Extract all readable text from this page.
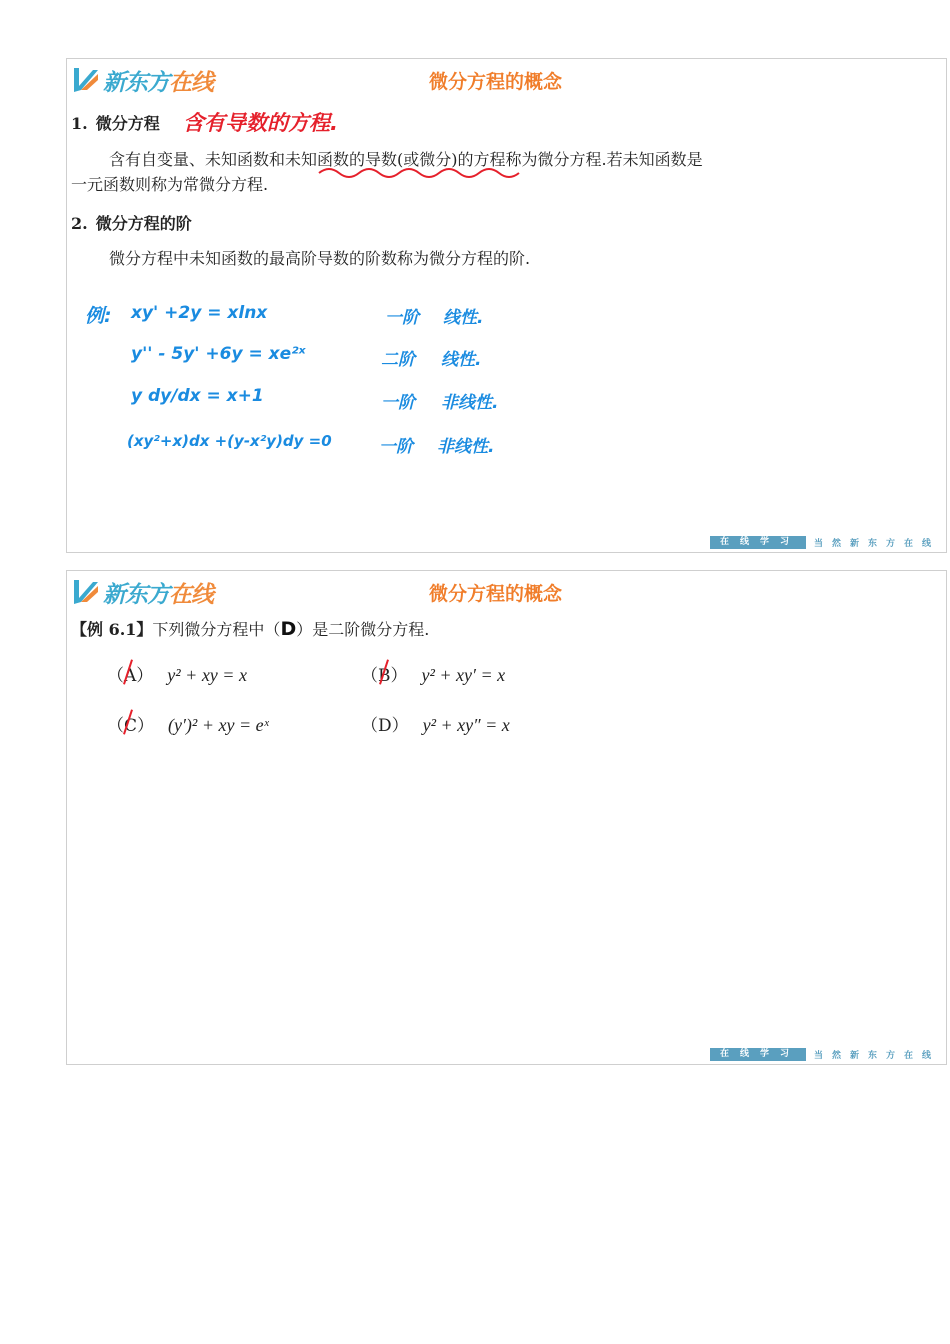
新东方在线	微分方程的概念
1. 微分方程 含有导数的方程.
含有自变量、未知函数和未知函数的导数(或微分)的方程称为微分方程.若未知函数是
一元函数则称为常微分方程.
2. 微分方程的阶
微分方程中未知函数的最高阶导数的阶数称为微分方程的阶.
例: xy' +2y = xlnx	一阶 线性.
y'' - 5y' +6y = xe²ˣ	二阶 线性.
y dy/dx = x+1	一阶 非线性.
(xy²+x)dx +(y-x²y)dy =0	一阶 非线性.
在线学习	当然新东方在线
新东方在线	微分方程的概念
【例 6.1】下列微分方程中（D）是二阶微分方程.
（A） y² + xy = x	（B） y² + xy′ = x
（C） (y′)² + xy = eˣ	（D） y² + xy″ = x
在线学习	当然新东方在线
